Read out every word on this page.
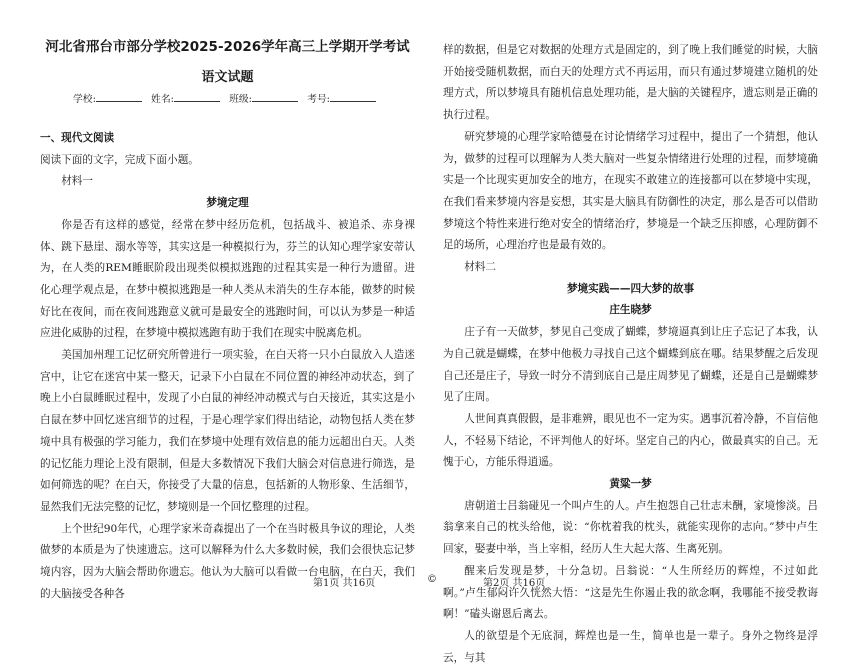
河北省邢台市部分学校2025-2026学年高三上学期开学考试
语文试题
学校:	姓名:	班级:	考号:
一、现代文阅读
阅读下面的文字，完成下面小题。

材料一

梦境定理

你是否有这样的感觉，经常在梦中经历危机，包括战斗、被追杀、赤身裸体、跳下悬崖、溺水等等，其实这是一种模拟行为，芬兰的认知心理学家安蒂认为，在人类的REM睡眠阶段出现类似模拟逃跑的过程其实是一种行为遗留。进化心理学观点是，在梦中模拟逃跑是一种人类从未消失的生存本能，做梦的时候好比在夜间，而在夜间逃跑意义就可是最安全的逃跑时间，可以认为梦是一种适应进化威胁的过程，在梦境中模拟逃跑有助于我们在现实中脱离危机。

美国加州理工记忆研究所曾进行一项实验，在白天将一只小白鼠放入人造迷宫中，让它在迷宫中某一整天，记录下小白鼠在不同位置的神经冲动状态，到了晚上小白鼠睡眠过程中，发现了小白鼠的神经冲动模式与白天接近，其实这是小白鼠在梦中回忆迷宫细节的过程，于是心理学家们得出结论，动物包括人类在梦境中具有极强的学习能力，我们在梦境中处理有效信息的能力远超出白天。人类的记忆能力理论上没有限制，但是大多数情况下我们大脑会对信息进行筛选，是如何筛选的呢？在白天，你接受了大量的信息，包括新的人物形象、生活细节，显然我们无法完整的记忆，梦境则是一个回忆整理的过程。

上个世纪90年代，心理学家米奇森提出了一个在当时极具争议的理论，人类做梦的本质是为了快速遗忘。这可以解释为什么大多数时候，我们会很快忘记梦境内容，因为大脑会帮助你遗忘。他认为大脑可以看做一台电脑，在白天，我们的大脑接受各种各

样的数据，但是它对数据的处理方式是固定的，到了晚上我们睡觉的时候，大脑开始接受随机数据，而白天的处理方式不再运用，而只有通过梦境建立随机的处理方式，所以梦境具有随机信息处理功能，是大脑的关键程序，遗忘则是正确的执行过程。

研究梦境的心理学家哈德曼在讨论情绪学习过程中，提出了一个猜想，他认为，做梦的过程可以理解为人类大脑对一些复杂情绪进行处理的过程，而梦境确实是一个比现实更加安全的地方，在现实不敢建立的连接都可以在梦境中实现，在我们看来梦境内容是妄想，其实是大脑具有防御性的决定，那么是否可以借助梦境这个特性来进行绝对安全的情绪治疗，梦境是一个缺乏压抑感，心理防御不足的场所，心理治疗也是最有效的。

材料二

梦境实践——四大梦的故事
庄生晓梦

庄子有一天做梦，梦见自己变成了蝴蝶，梦境逼真到让庄子忘记了本我，认为自己就是蝴蝶，在梦中他极力寻找自己这个蝴蝶到底在哪。结果梦醒之后发现自己还是庄子，导致一时分不清到底自己是庄周梦见了蝴蝶，还是自己是蝴蝶梦见了庄周。

人世间真真假假，是非难辨，眼见也不一定为实。遇事沉着冷静，不盲信他人，不轻易下结论，不评判他人的好坏。坚定自己的内心，做最真实的自己。无愧于心，方能乐得逍遥。

黄粱一梦

唐朝道士吕翁碰见一个叫卢生的人。卢生抱怨自己壮志未酬，家境惨淡。吕翁拿来自己的枕头给他，说：“你枕着我的枕头，就能实现你的志向。”梦中卢生回家，娶妻中举，当上宰相，经历人生大起大落、生离死别。

醒来后发现是梦，十分急切。吕翁说：“人生所经历的辉煌，不过如此啊。”卢生郁闷许久恍然大悟：“这是先生你遏止我的欲念啊，我哪能不接受教诲啊！”磕头谢恩后离去。

人的欲望是个无底洞，辉煌也是一生，简单也是一辈子。身外之物终是浮云，与其

第1页 共16页	©	第2页 共16页
